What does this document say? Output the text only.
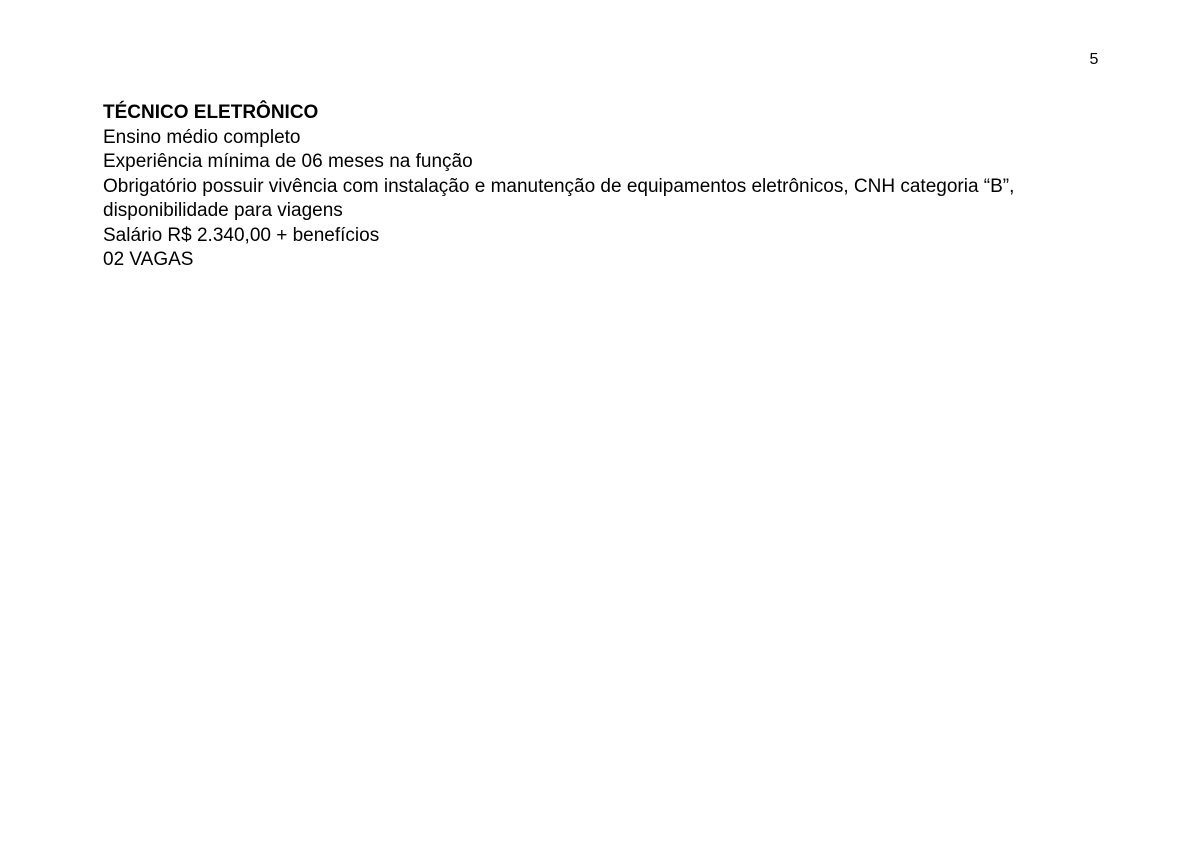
5
TÉCNICO ELETRÔNICO
Ensino médio completo
Experiência mínima de 06 meses na função
Obrigatório possuir vivência com instalação e manutenção de equipamentos eletrônicos, CNH categoria “B”,
disponibilidade para viagens
Salário R$ 2.340,00 + benefícios
02 VAGAS
